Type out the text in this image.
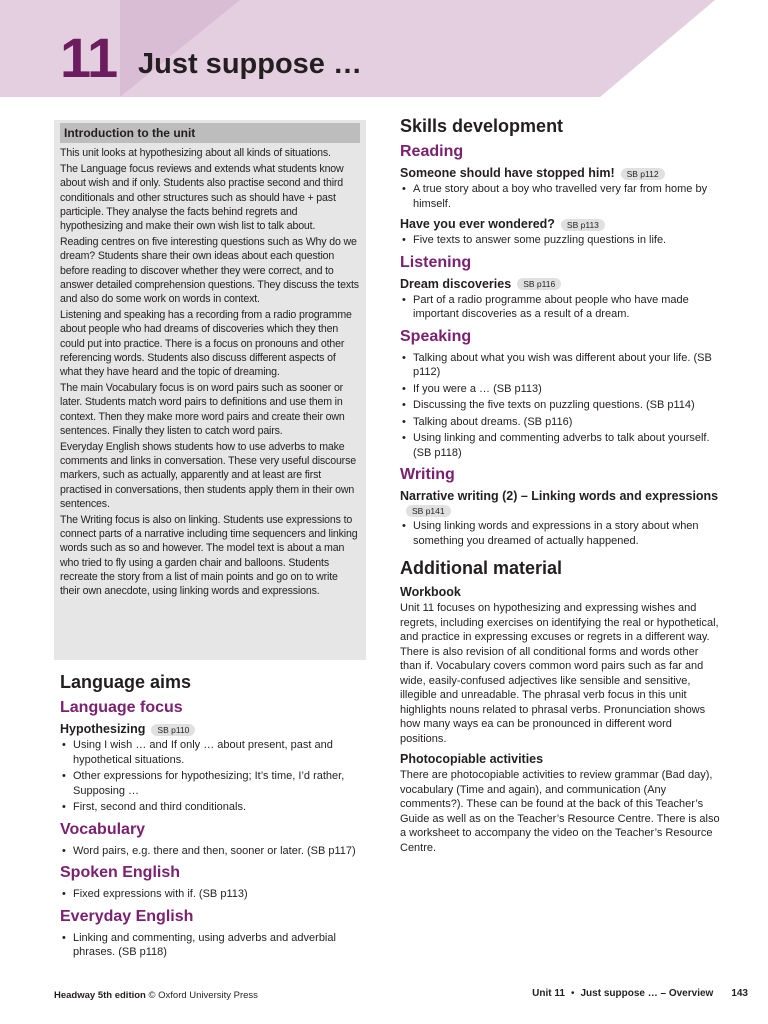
11 Just suppose …
Introduction to the unit

This unit looks at hypothesizing about all kinds of situations.

The Language focus reviews and extends what students know about wish and if only. Students also practise second and third conditionals and other structures such as should have + past participle. They analyse the facts behind regrets and hypothesizing and make their own wish list to talk about.

Reading centres on five interesting questions such as Why do we dream? Students share their own ideas about each question before reading to discover whether they were correct, and to answer detailed comprehension questions. They discuss the texts and also do some work on words in context.

Listening and speaking has a recording from a radio programme about people who had dreams of discoveries which they then could put into practice. There is a focus on pronouns and other referencing words. Students also discuss different aspects of what they have heard and the topic of dreaming.

The main Vocabulary focus is on word pairs such as sooner or later. Students match word pairs to definitions and use them in context. Then they make more word pairs and create their own sentences. Finally they listen to catch word pairs.

Everyday English shows students how to use adverbs to make comments and links in conversation. These very useful discourse markers, such as actually, apparently and at least are first practised in conversations, then students apply them in their own sentences.

The Writing focus is also on linking. Students use expressions to connect parts of a narrative including time sequencers and linking words such as so and however. The model text is about a man who tried to fly using a garden chair and balloons. Students recreate the story from a list of main points and go on to write their own anecdote, using linking words and expressions.

Language aims
Language focus
Hypothesizing SB p110
• Using I wish … and If only … about present, past and hypothetical situations.
• Other expressions for hypothesizing; It’s time, I’d rather, Supposing …
• First, second and third conditionals.
Vocabulary
• Word pairs, e.g. there and then, sooner or later. (SB p117)
Spoken English
• Fixed expressions with if. (SB p113)
Everyday English
• Linking and commenting, using adverbs and adverbial phrases. (SB p118)
Skills development
Reading
Someone should have stopped him! SB p112
• A true story about a boy who travelled very far from home by himself.
Have you ever wondered? SB p113
• Five texts to answer some puzzling questions in life.
Listening
Dream discoveries SB p116
• Part of a radio programme about people who have made important discoveries as a result of a dream.
Speaking
• Talking about what you wish was different about your life. (SB p112)
• If you were a … (SB p113)
• Discussing the five texts on puzzling questions. (SB p114)
• Talking about dreams. (SB p116)
• Using linking and commenting adverbs to talk about yourself. (SB p118)
Writing
Narrative writing (2) – Linking words and expressionsSB p141
• Using linking words and expressions in a story about when something you dreamed of actually happened.
Additional material
Workbook

Unit 11 focuses on hypothesizing and expressing wishes and regrets, including exercises on identifying the real or hypothetical, and practice in expressing excuses or regrets in a different way. There is also revision of all conditional forms and words other than if. Vocabulary covers common word pairs such as far and wide, easily-confused adjectives like sensible and sensitive, illegible and unreadable. The phrasal verb focus in this unit highlights nouns related to phrasal verbs. Pronunciation shows how many ways ea can be pronounced in different word positions.

Photocopiable activities

There are photocopiable activities to review grammar (Bad day), vocabulary (Time and again), and communication (Any comments?). These can be found at the back of this Teacher’s Guide as well as on the Teacher’s Resource Centre. There is also a worksheet to accompany the video on the Teacher’s Resource Centre.

Headway 5th edition © Oxford University Press	Unit 11 • Just suppose … – Overview 143
